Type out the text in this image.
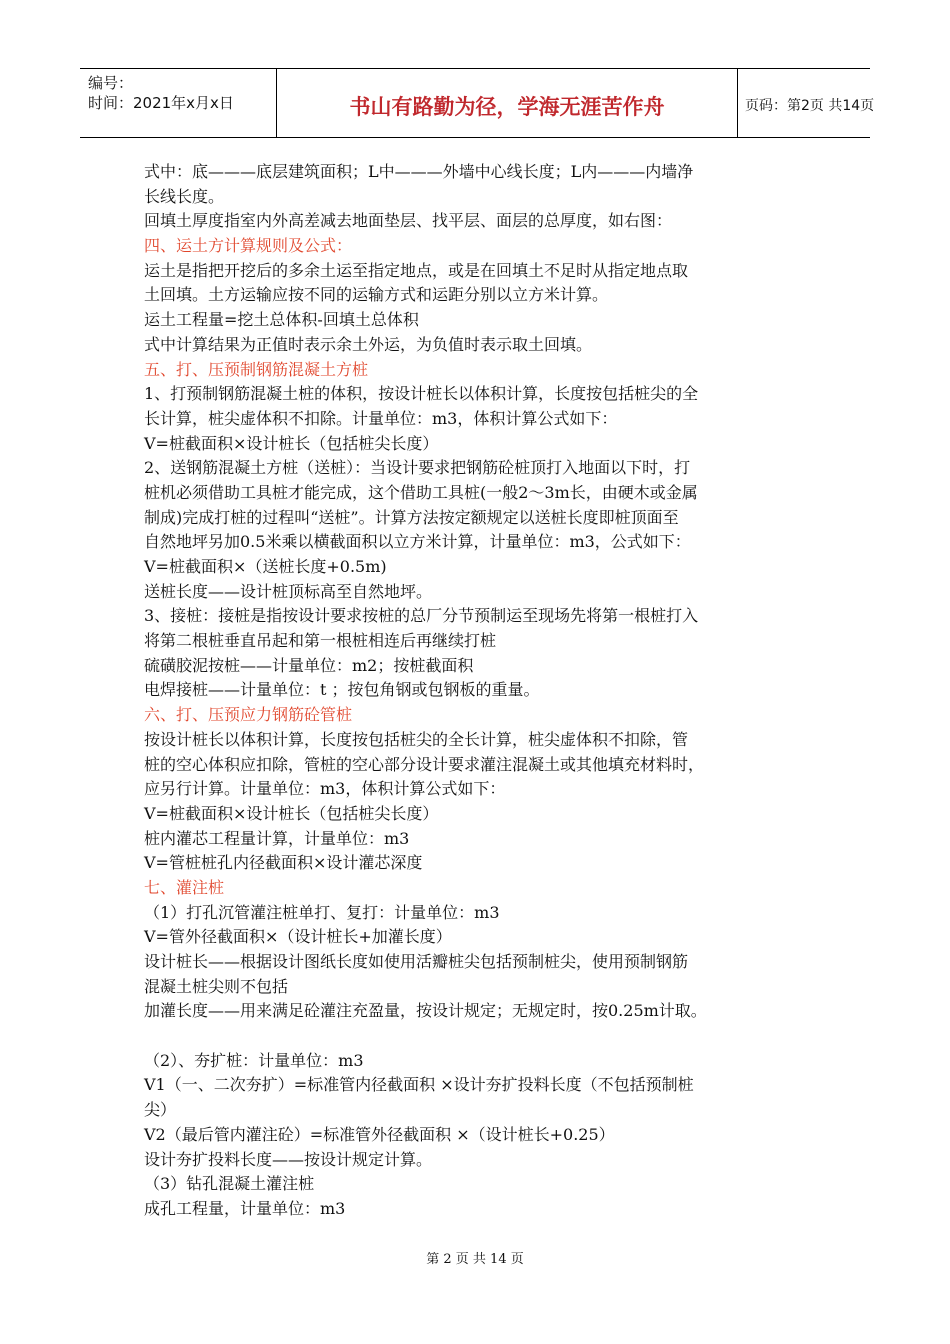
编号：
时间：2021年x月x日	书山有路勤为径，学海无涯苦作舟	页码：第2页 共14页
式中：底———底层建筑面积；L中———外墙中心线长度；L内———内墙净
长线长度。
回填土厚度指室内外高差减去地面垫层、找平层、面层的总厚度，如右图：
四、运土方计算规则及公式：
运土是指把开挖后的多余土运至指定地点，或是在回填土不足时从指定地点取
土回填。土方运输应按不同的运输方式和运距分别以立方米计算。
运土工程量=挖土总体积-回填土总体积
式中计算结果为正值时表示余土外运，为负值时表示取土回填。
五、打、压预制钢筋混凝土方桩
1、打预制钢筋混凝土桩的体积，按设计桩长以体积计算，长度按包括桩尖的全
长计算，桩尖虚体积不扣除。计量单位：m3，体积计算公式如下：
V=桩截面积×设计桩长（包括桩尖长度）
2、送钢筋混凝土方桩（送桩）：当设计要求把钢筋砼桩顶打入地面以下时，打
桩机必须借助工具桩才能完成，这个借助工具桩(一般2～3m长，由硬木或金属
制成)完成打桩的过程叫“送桩”。计算方法按定额规定以送桩长度即桩顶面至
自然地坪另加0.5米乘以横截面积以立方米计算，计量单位：m3，公式如下：
V=桩截面积×（送桩长度+0.5m)
送桩长度——设计桩顶标高至自然地坪。
3、接桩：接桩是指按设计要求按桩的总厂分节预制运至现场先将第一根桩打入
将第二根桩垂直吊起和第一根桩相连后再继续打桩
硫磺胶泥按桩——计量单位：m2；按桩截面积
电焊接桩——计量单位：t ；按包角钢或包钢板的重量。
六、打、压预应力钢筋砼管桩
按设计桩长以体积计算，长度按包括桩尖的全长计算，桩尖虚体积不扣除，管
桩的空心体积应扣除，管桩的空心部分设计要求灌注混凝土或其他填充材料时，
应另行计算。计量单位：m3，体积计算公式如下：
V=桩截面积×设计桩长（包括桩尖长度）
桩内灌芯工程量计算，计量单位：m3
V=管桩桩孔内径截面积×设计灌芯深度
七、灌注桩
（1）打孔沉管灌注桩单打、复打：计量单位：m3
V=管外径截面积×（设计桩长+加灌长度）
设计桩长——根据设计图纸长度如使用活瓣桩尖包括预制桩尖，使用预制钢筋
混凝土桩尖则不包括
加灌长度——用来满足砼灌注充盈量，按设计规定；无规定时，按0.25m计取。
（2）、夯扩桩：计量单位：m3
V1（一、二次夯扩）=标准管内径截面积 ×设计夯扩投料长度（不包括预制桩
尖）
V2（最后管内灌注砼）=标准管外径截面积 ×（设计桩长+0.25）
设计夯扩投料长度——按设计规定计算。
（3）钻孔混凝土灌注桩
成孔工程量，计量单位：m3
第 2 页 共 14 页
